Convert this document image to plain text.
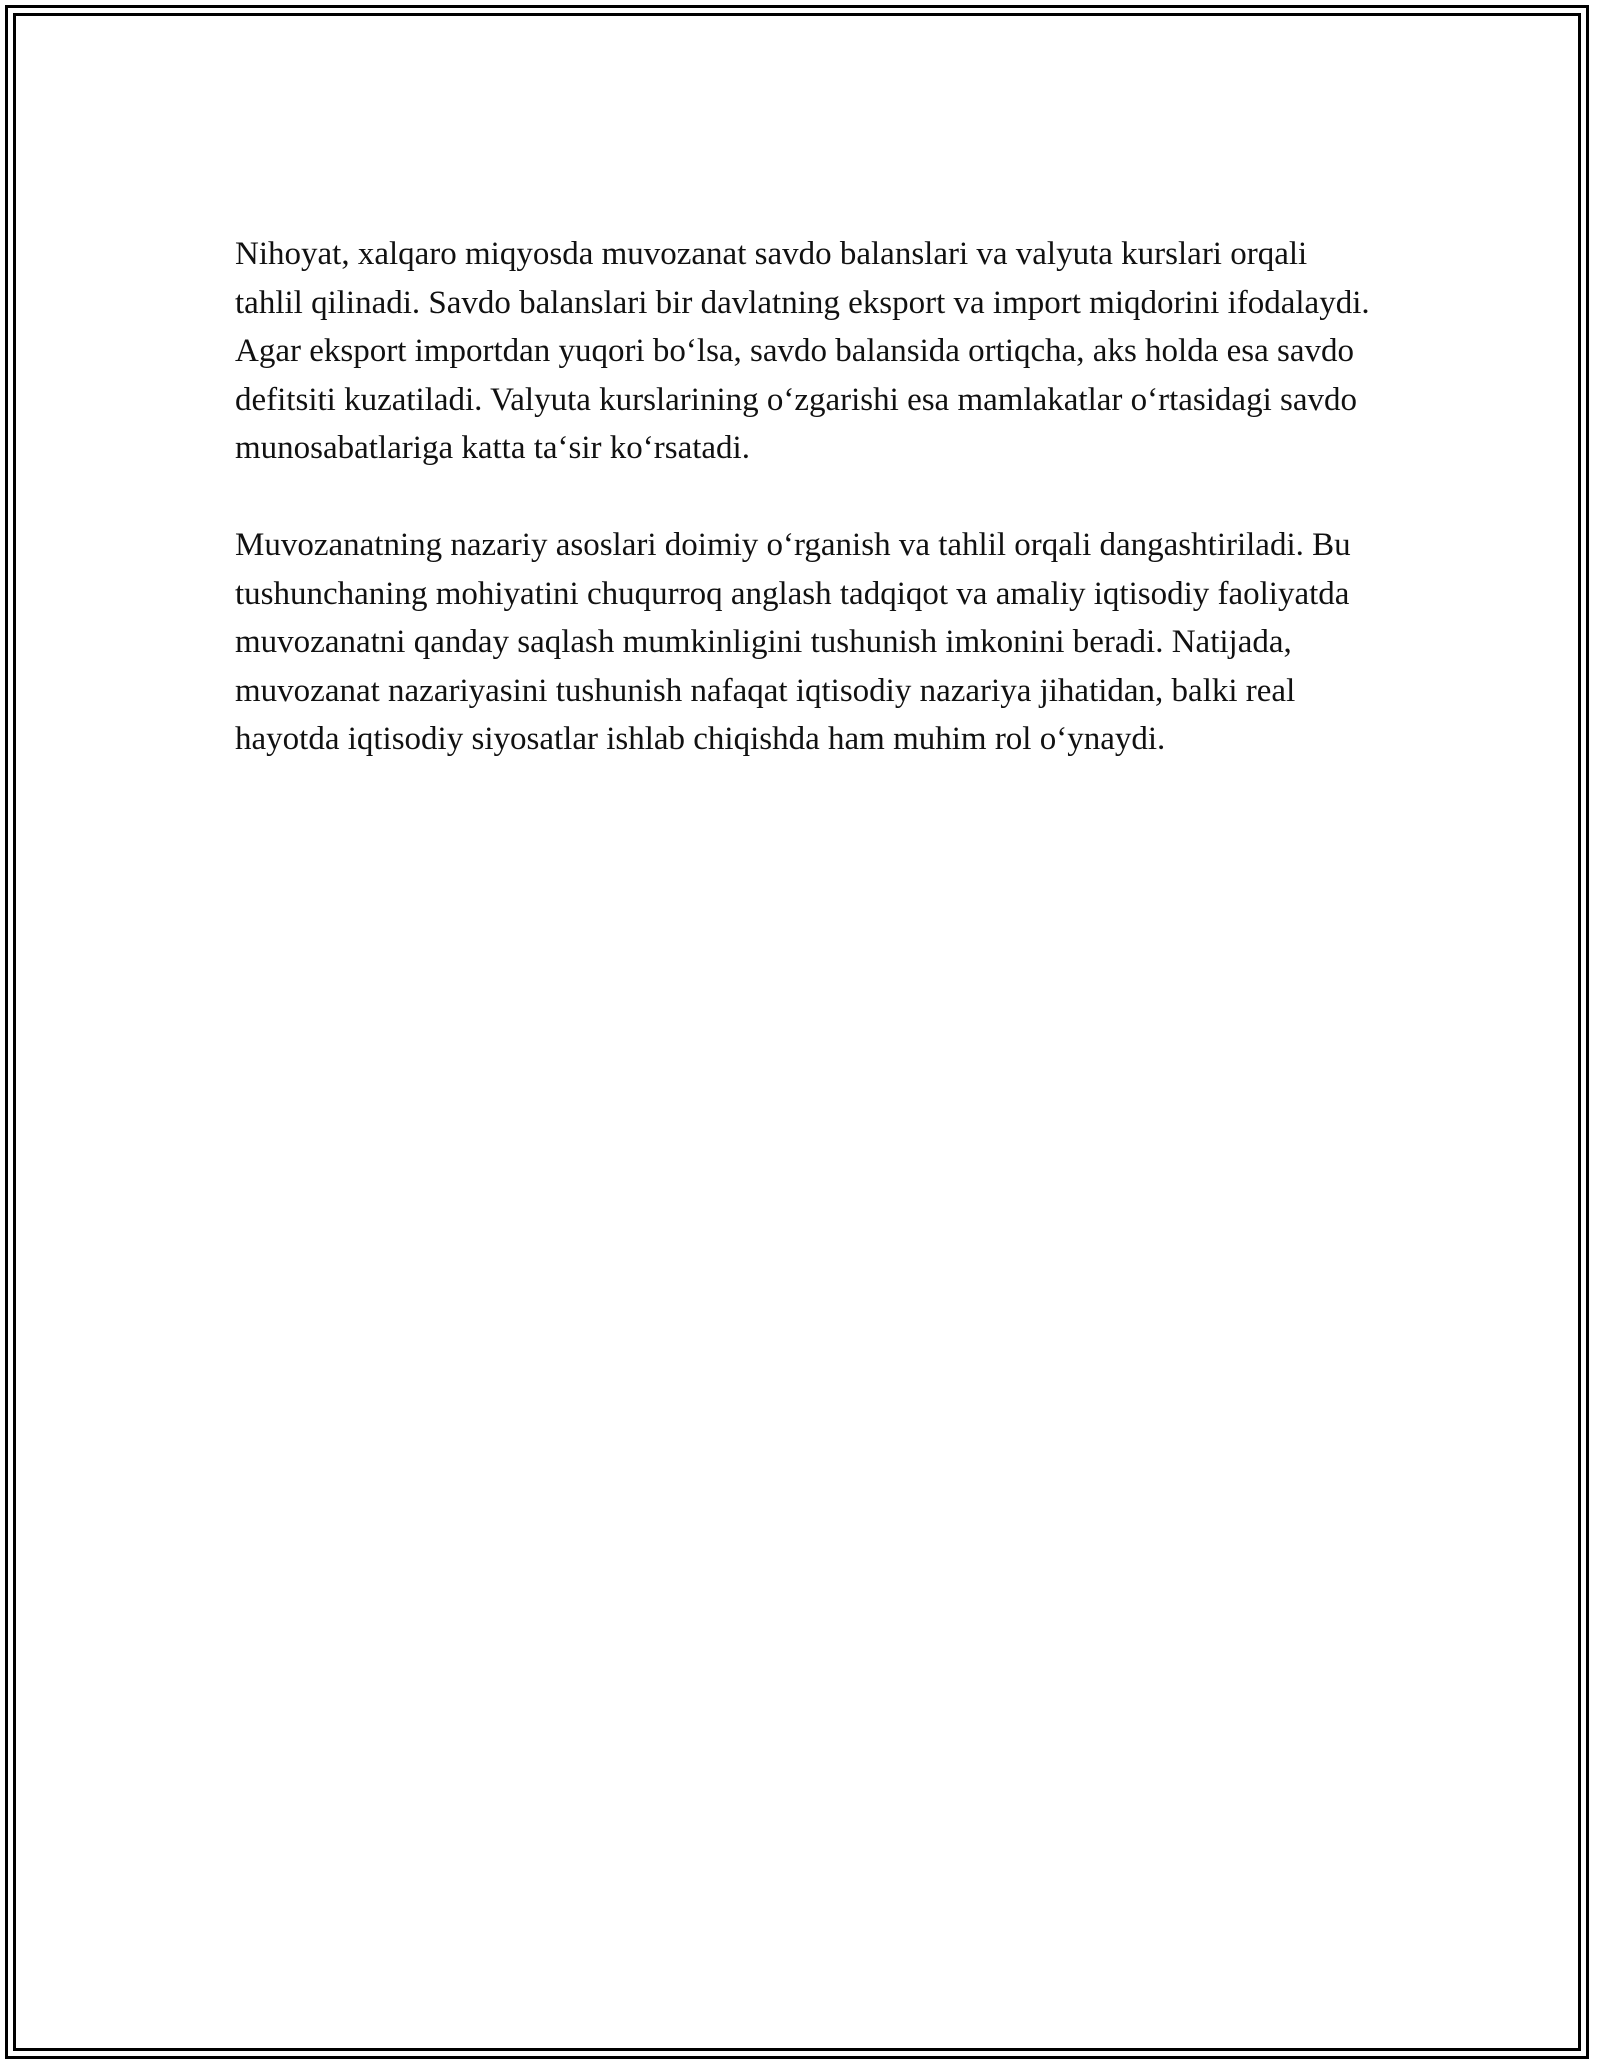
Nihoyat, xalqaro miqyosda muvozanat savdo balanslari va valyuta kurslari orqali tahlil qilinadi. Savdo balanslari bir davlatning eksport va import miqdorini ifodalaydi. Agar eksport importdan yuqori boʻlsa, savdo balansida ortiqcha, aks holda esa savdo defitsiti kuzatiladi. Valyuta kurslarining oʻzgarishi esa mamlakatlar oʻrtasidagi savdo munosabatlariga katta taʻsir koʻrsatadi.

Muvozanatning nazariy asoslari doimiy oʻrganish va tahlil orqali dangashtiriladi. Bu tushunchaning mohiyatini chuqurroq anglash tadqiqot va amaliy iqtisodiy faoliyatda muvozanatni qanday saqlash mumkinligini tushunish imkonini beradi. Natijada, muvozanat nazariyasini tushunish nafaqat iqtisodiy nazariya jihatidan, balki real hayotda iqtisodiy siyosatlar ishlab chiqishda ham muhim rol oʻynaydi.
